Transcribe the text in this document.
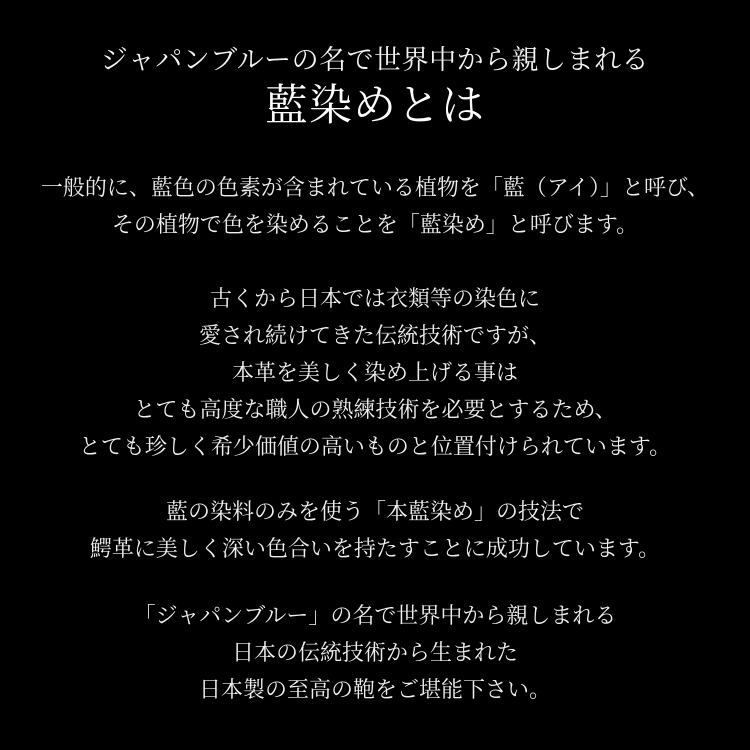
ジャパンブルーの名で世界中から親しまれる
藍染めとは
一般的に、藍色の色素が含まれている植物を「藍（アイ）」と呼び、
その植物で色を染めることを「藍染め」と呼びます。
古くから日本では衣類等の染色に
愛され続けてきた伝統技術ですが、
本革を美しく染め上げる事は
とても高度な職人の熟練技術を必要とするため、
とても珍しく希少価値の高いものと位置付けられています。
藍の染料のみを使う「本藍染め」の技法で
鰐革に美しく深い色合いを持たすことに成功しています。
「ジャパンブルー」の名で世界中から親しまれる
日本の伝統技術から生まれた
日本製の至高の鞄をご堪能下さい。
